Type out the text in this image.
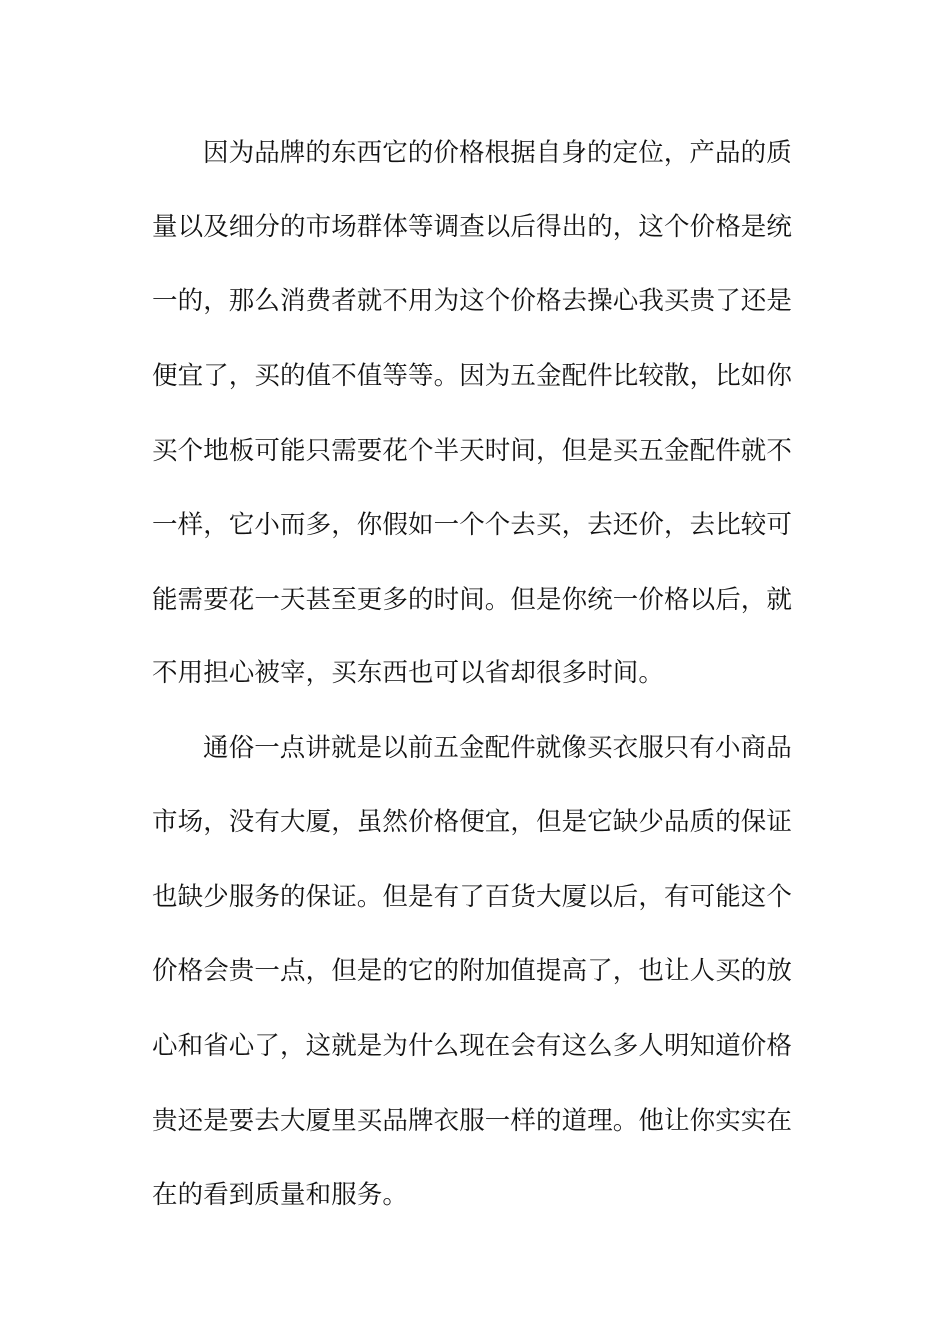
因为品牌的东西它的价格根据自身的定位，产品的质
量以及细分的市场群体等调查以后得出的，这个价格是统
一的，那么消费者就不用为这个价格去操心我买贵了还是
便宜了，买的值不值等等。因为五金配件比较散，比如你
买个地板可能只需要花个半天时间，但是买五金配件就不
一样，它小而多，你假如一个个去买，去还价，去比较可
能需要花一天甚至更多的时间。但是你统一价格以后，就
不用担心被宰，买东西也可以省却很多时间。
通俗一点讲就是以前五金配件就像买衣服只有小商品
市场，没有大厦，虽然价格便宜，但是它缺少品质的保证
也缺少服务的保证。但是有了百货大厦以后，有可能这个
价格会贵一点，但是的它的附加值提高了，也让人买的放
心和省心了，这就是为什么现在会有这么多人明知道价格
贵还是要去大厦里买品牌衣服一样的道理。他让你实实在
在的看到质量和服务。
